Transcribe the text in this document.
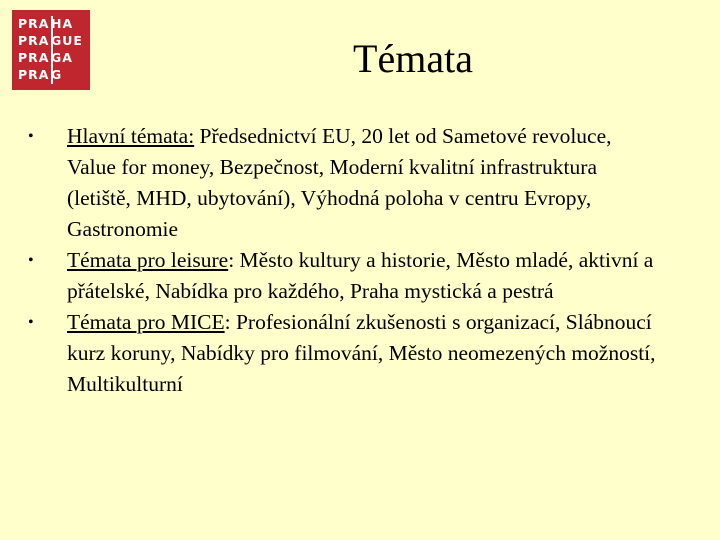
PRA HA
PRA GUE
PRA GA
PRA G	Témata
• Hlavní témata: Předsednictví EU, 20 let od Sametové revoluce, Value for money, Bezpečnost, Moderní kvalitní infrastruktura (letiště, MHD, ubytování), Výhodná poloha v centru Evropy, Gastronomie
• Témata pro leisure: Město kultury a historie, Město mladé, aktivní a přátelské, Nabídka pro každého, Praha mystická a pestrá
• Témata pro MICE: Profesionální zkušenosti s organizací, Slábnoucí kurz koruny, Nabídky pro filmování, Město neomezených možností, Multikulturní
